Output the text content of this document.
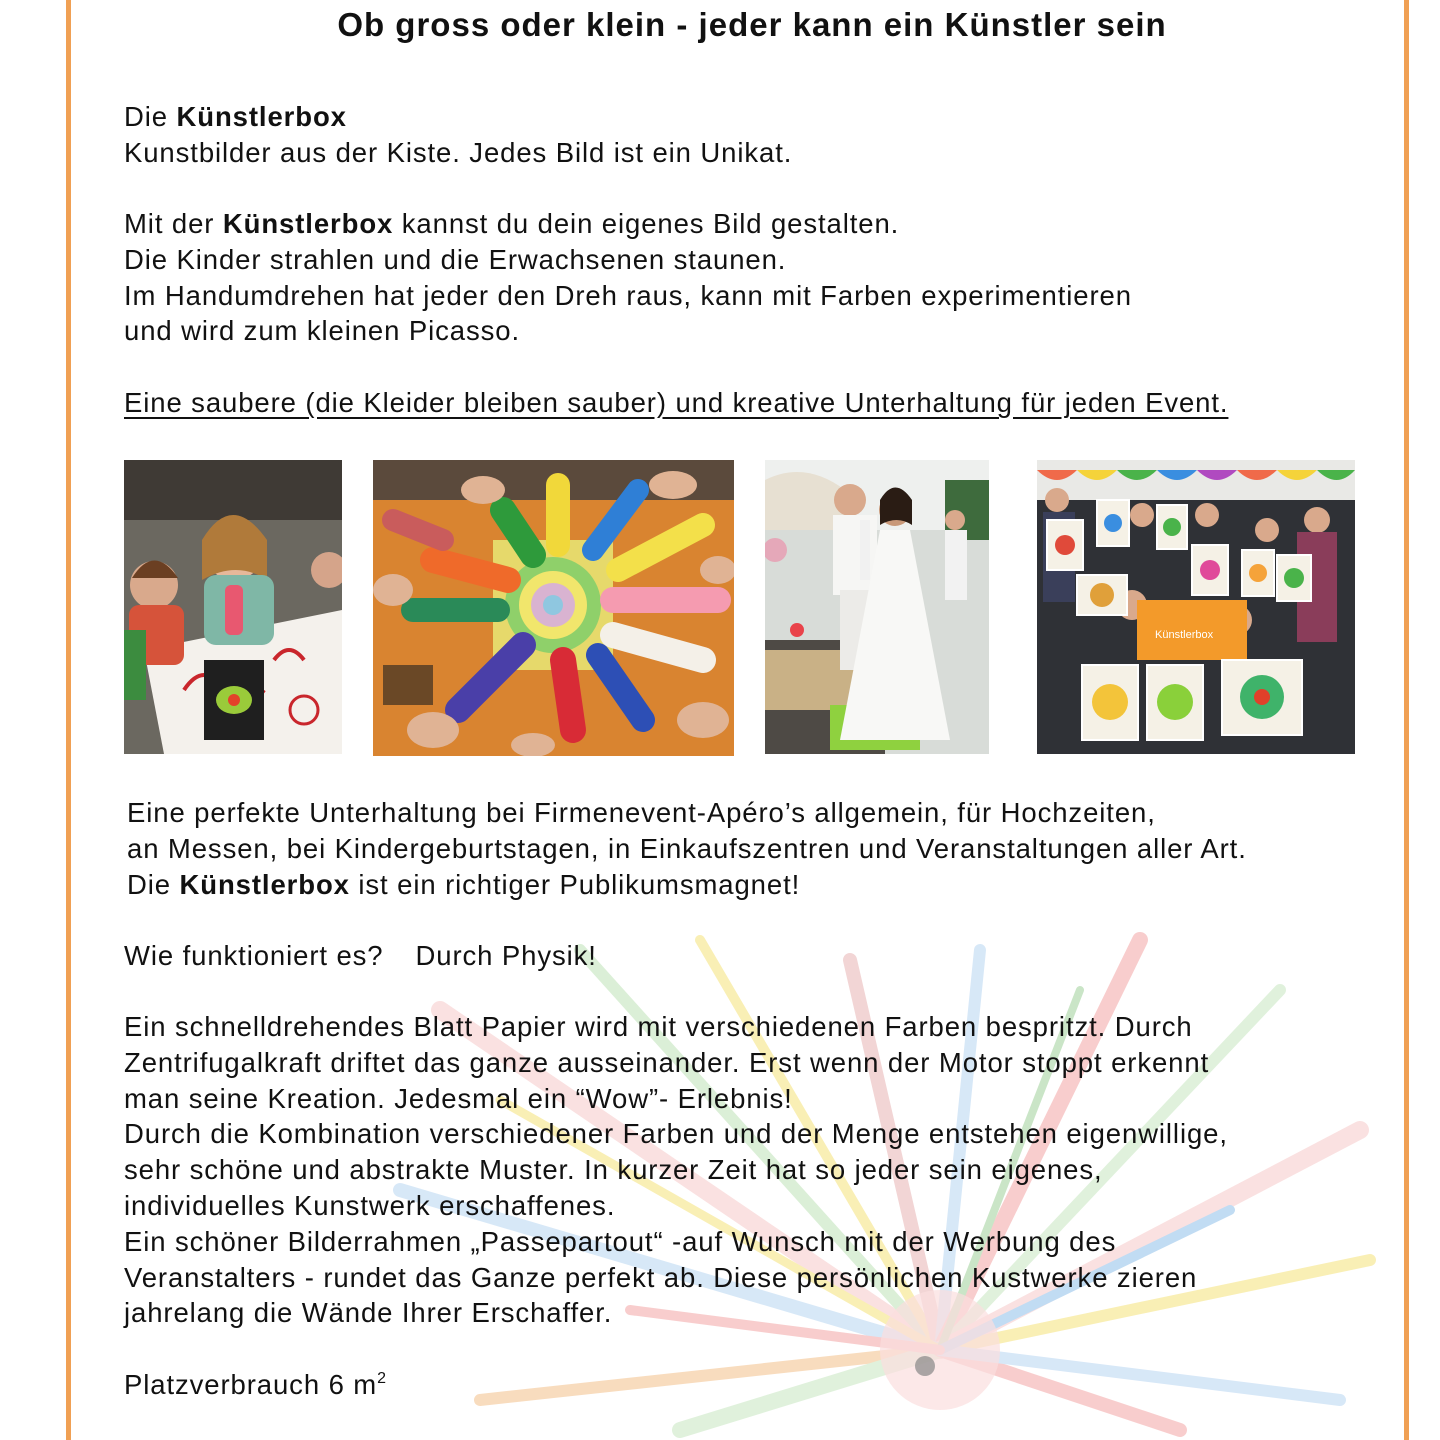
Ob gross oder klein - jeder kann ein Künstler sein

Die Künstlerbox

Kunstbilder aus der Kiste. Jedes Bild ist ein Unikat.

Mit der Künstlerbox kannst du dein eigenes Bild gestalten.

Die Kinder strahlen und die Erwachsenen staunen.

Im Handumdrehen hat jeder den Dreh raus, kann mit Farben experimentieren

und wird zum kleinen Picasso.

Eine saubere (die Kleider bleiben sauber) und kreative Unterhaltung für jeden Event.

Künstlerbox

Eine perfekte Unterhaltung bei Firmenevent-Apéro’s allgemein, für Hochzeiten,

an Messen, bei Kindergeburtstagen, in Einkaufszentren und Veranstaltungen aller Art.

Die Künstlerbox ist ein richtiger Publikumsmagnet!

Wie funktioniert es? Durch Physik!

Ein schnelldrehendes Blatt Papier wird mit verschiedenen Farben bespritzt. Durch

Zentrifugalkraft driftet das ganze ausseinander. Erst wenn der Motor stoppt erkennt

man seine Kreation. Jedesmal ein “Wow”- Erlebnis!

Durch die Kombination verschiedener Farben und der Menge entstehen eigenwillige,

sehr schöne und abstrakte Muster. In kurzer Zeit hat so jeder sein eigenes,

individuelles Kunstwerk erschaffenes.

Ein schöner Bilderrahmen „Passepartout“ -auf Wunsch mit der Werbung des

Veranstalters - rundet das Ganze perfekt ab. Diese persönlichen Kustwerke zieren

jahrelang die Wände Ihrer Erschaffer.

Platzverbrauch 6 $m^2$
